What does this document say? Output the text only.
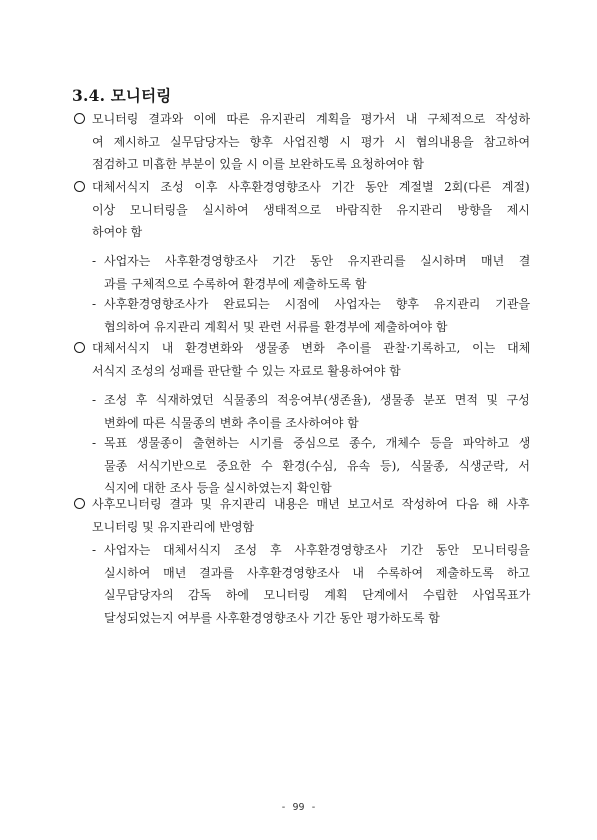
3.4. 모니터링
모니터링 결과와 이에 따른 유지관리 계획을 평가서 내 구체적으로 작성하
여 제시하고 실무담당자는 향후 사업진행 시 평가 시 협의내용을 참고하여
점검하고 미흡한 부분이 있을 시 이를 보완하도록 요청하여야 함
대체서식지 조성 이후 사후환경영향조사 기간 동안 계절별 2회(다른 계절)
이상 모니터링을 실시하여 생태적으로 바람직한 유지관리 방향을 제시
하여야 함
- 사업자는 사후환경영향조사 기간 동안 유지관리를 실시하며 매년 결
과를 구체적으로 수록하여 환경부에 제출하도록 함
- 사후환경영향조사가 완료되는 시점에 사업자는 향후 유지관리 기관을
협의하여 유지관리 계획서 및 관련 서류를 환경부에 제출하여야 함
대체서식지 내 환경변화와 생물종 변화 추이를 관찰·기록하고, 이는 대체
서식지 조성의 성패를 판단할 수 있는 자료로 활용하여야 함
- 조성 후 식재하였던 식물종의 적응여부(생존율), 생물종 분포 면적 및 구성
변화에 따른 식물종의 변화 추이를 조사하여야 함
- 목표 생물종이 출현하는 시기를 중심으로 종수, 개체수 등을 파악하고 생
물종 서식기반으로 중요한 수 환경(수심, 유속 등), 식물종, 식생군락, 서
식지에 대한 조사 등을 실시하였는지 확인함
사후모니터링 결과 및 유지관리 내용은 매년 보고서로 작성하여 다음 해 사후
모니터링 및 유지관리에 반영함
- 사업자는 대체서식지 조성 후 사후환경영향조사 기간 동안 모니터링을
실시하여 매년 결과를 사후환경영향조사 내 수록하여 제출하도록 하고
실무담당자의 감독 하에 모니터링 계획 단계에서 수립한 사업목표가
달성되었는지 여부를 사후환경영향조사 기간 동안 평가하도록 함
- 99 -
